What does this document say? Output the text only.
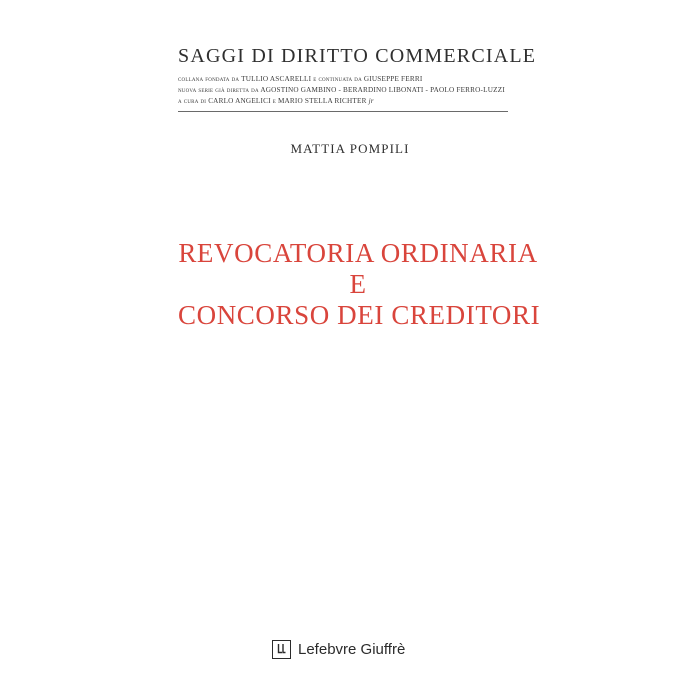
SAGGI DI DIRITTO COMMERCIALE

collana fondata da TULLIO ASCARELLI e continuata da GIUSEPPE FERRI

nuova serie già diretta da AGOSTINO GAMBINO - BERARDINO LIBONATI - PAOLO FERRO-LUZZI

a cura di CARLO ANGELICI e MARIO STELLA RICHTER jr

MATTIA POMPILI
REVOCATORIA ORDINARIA
E
CONCORSO DEI CREDITORI
Lefebvre Giuffrè
